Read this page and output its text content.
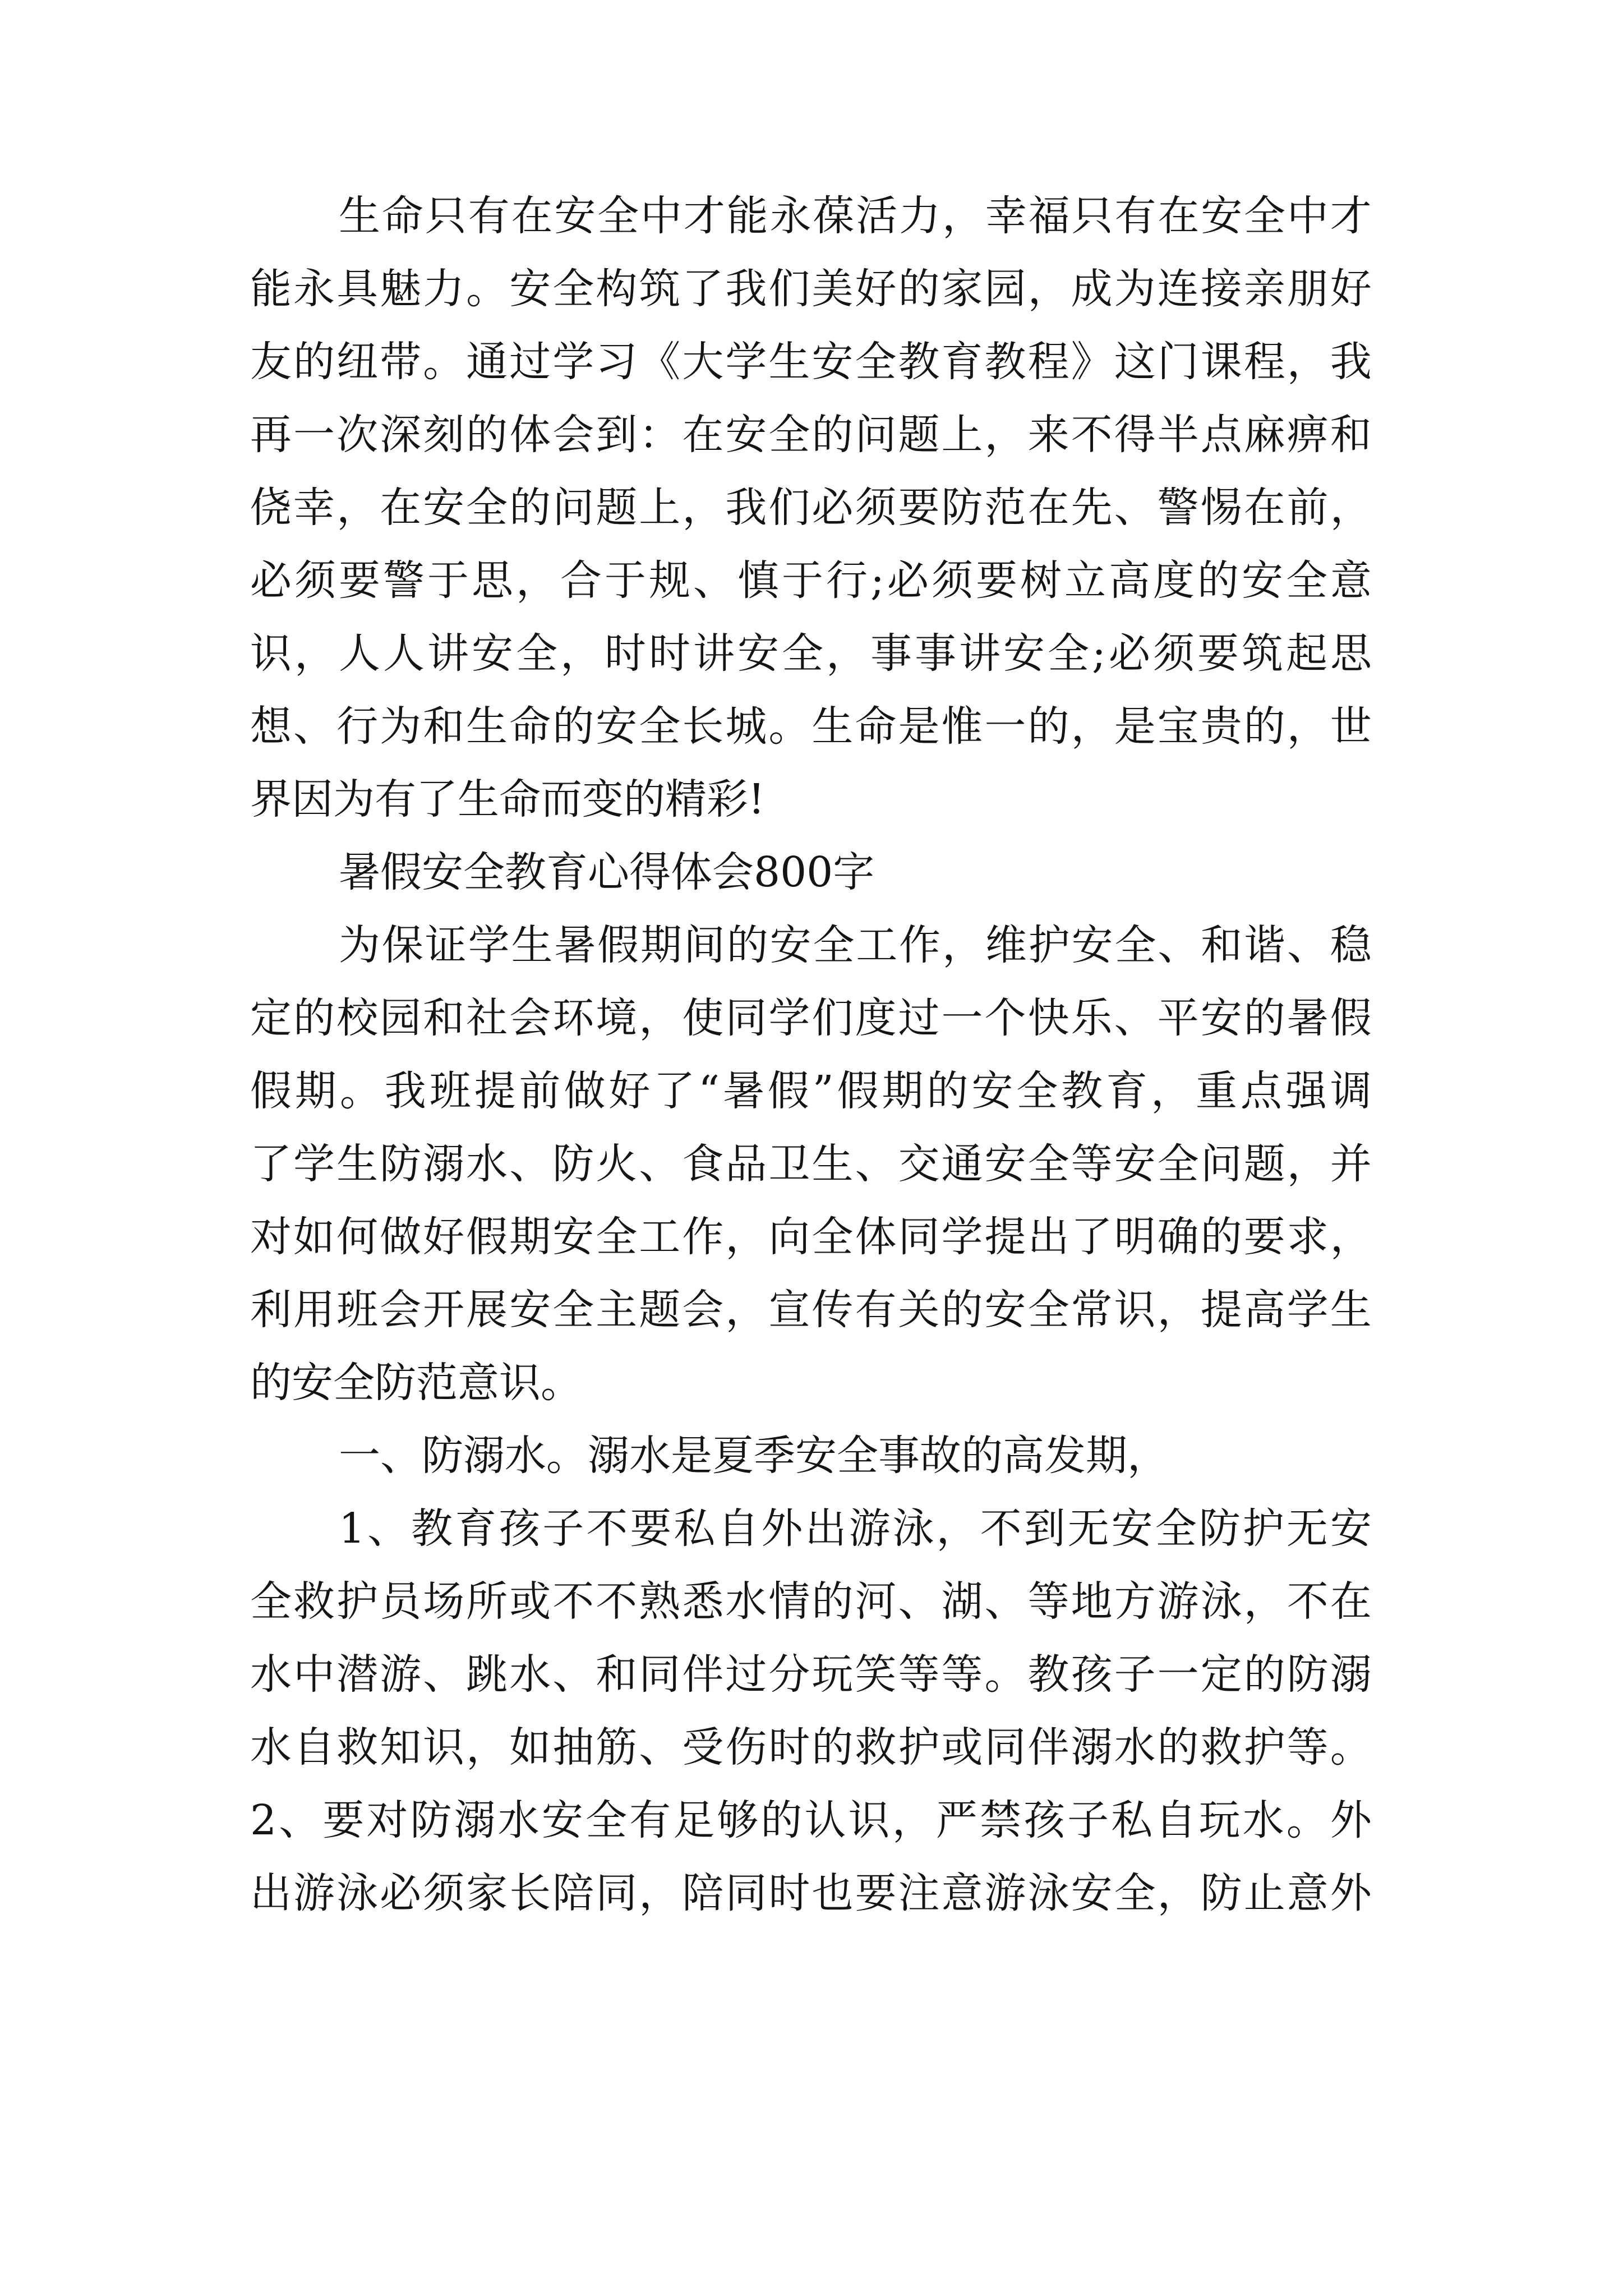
生 命 只 有 在 安 全 中 才 能 永 葆 活 力 ， 幸 福 只 有 在 安 全 中 才
能 永 具 魅 力 。 安 全 构 筑 了 我 们 美 好 的 家 园 ， 成 为 连 接 亲 朋 好
友 的 纽 带 。 通 过 学 习 《 大 学 生 安 全 教 育 教 程 》 这 门 课 程 ， 我
再 一 次 深 刻 的 体 会 到 ： 在 安 全 的 问 题 上 ， 来 不 得 半 点 麻 痹 和
侥 幸 ， 在 安 全 的 问 题 上 ， 我 们 必 须 要 防 范 在 先 、 警 惕 在 前 ，
必 须 要 警 于 思 ， 合 于 规 、 慎 于 行 ; 必 须 要 树 立 高 度 的 安 全 意
识 ， 人 人 讲 安 全 ， 时 时 讲 安 全 ， 事 事 讲 安 全 ; 必 须 要 筑 起 思
想 、 行 为 和 生 命 的 安 全 长 城 。 生 命 是 惟 一 的 ， 是 宝 贵 的 ， 世
界因为有了生命而变的精彩!
暑假安全教育心得体会800字
为 保 证 学 生 暑 假 期 间 的 安 全 工 作 ， 维 护 安 全 、 和 谐 、 稳
定 的 校 园 和 社 会 环 境 ， 使 同 学 们 度 过 一 个 快 乐 、 平 安 的 暑 假
假 期 。 我 班 提 前 做 好 了 “ 暑 假 ” 假 期 的 安 全 教 育 ， 重 点 强 调
了 学 生 防 溺 水 、 防 火 、 食 品 卫 生 、 交 通 安 全 等 安 全 问 题 ， 并
对 如 何 做 好 假 期 安 全 工 作 ， 向 全 体 同 学 提 出 了 明 确 的 要 求 ，
利 用 班 会 开 展 安 全 主 题 会 ， 宣 传 有 关 的 安 全 常 识 ， 提 高 学 生
的安全防范意识。
一、防溺水。溺水是夏季安全事故的高发期，
1 、 教 育 孩 子 不 要 私 自 外 出 游 泳 ， 不 到 无 安 全 防 护 无 安
全 救 护 员 场 所 或 不 不 熟 悉 水 情 的 河 、 湖 、 等 地 方 游 泳 ， 不 在
水 中 潜 游 、 跳 水 、 和 同 伴 过 分 玩 笑 等 等 。 教 孩 子 一 定 的 防 溺
水 自 救 知 识 ， 如 抽 筋 、 受 伤 时 的 救 护 或 同 伴 溺 水 的 救 护 等 。
2 、 要 对 防 溺 水 安 全 有 足 够 的 认 识 ， 严 禁 孩 子 私 自 玩 水 。 外
出 游 泳 必 须 家 长 陪 同 ， 陪 同 时 也 要 注 意 游 泳 安 全 ， 防 止 意 外
